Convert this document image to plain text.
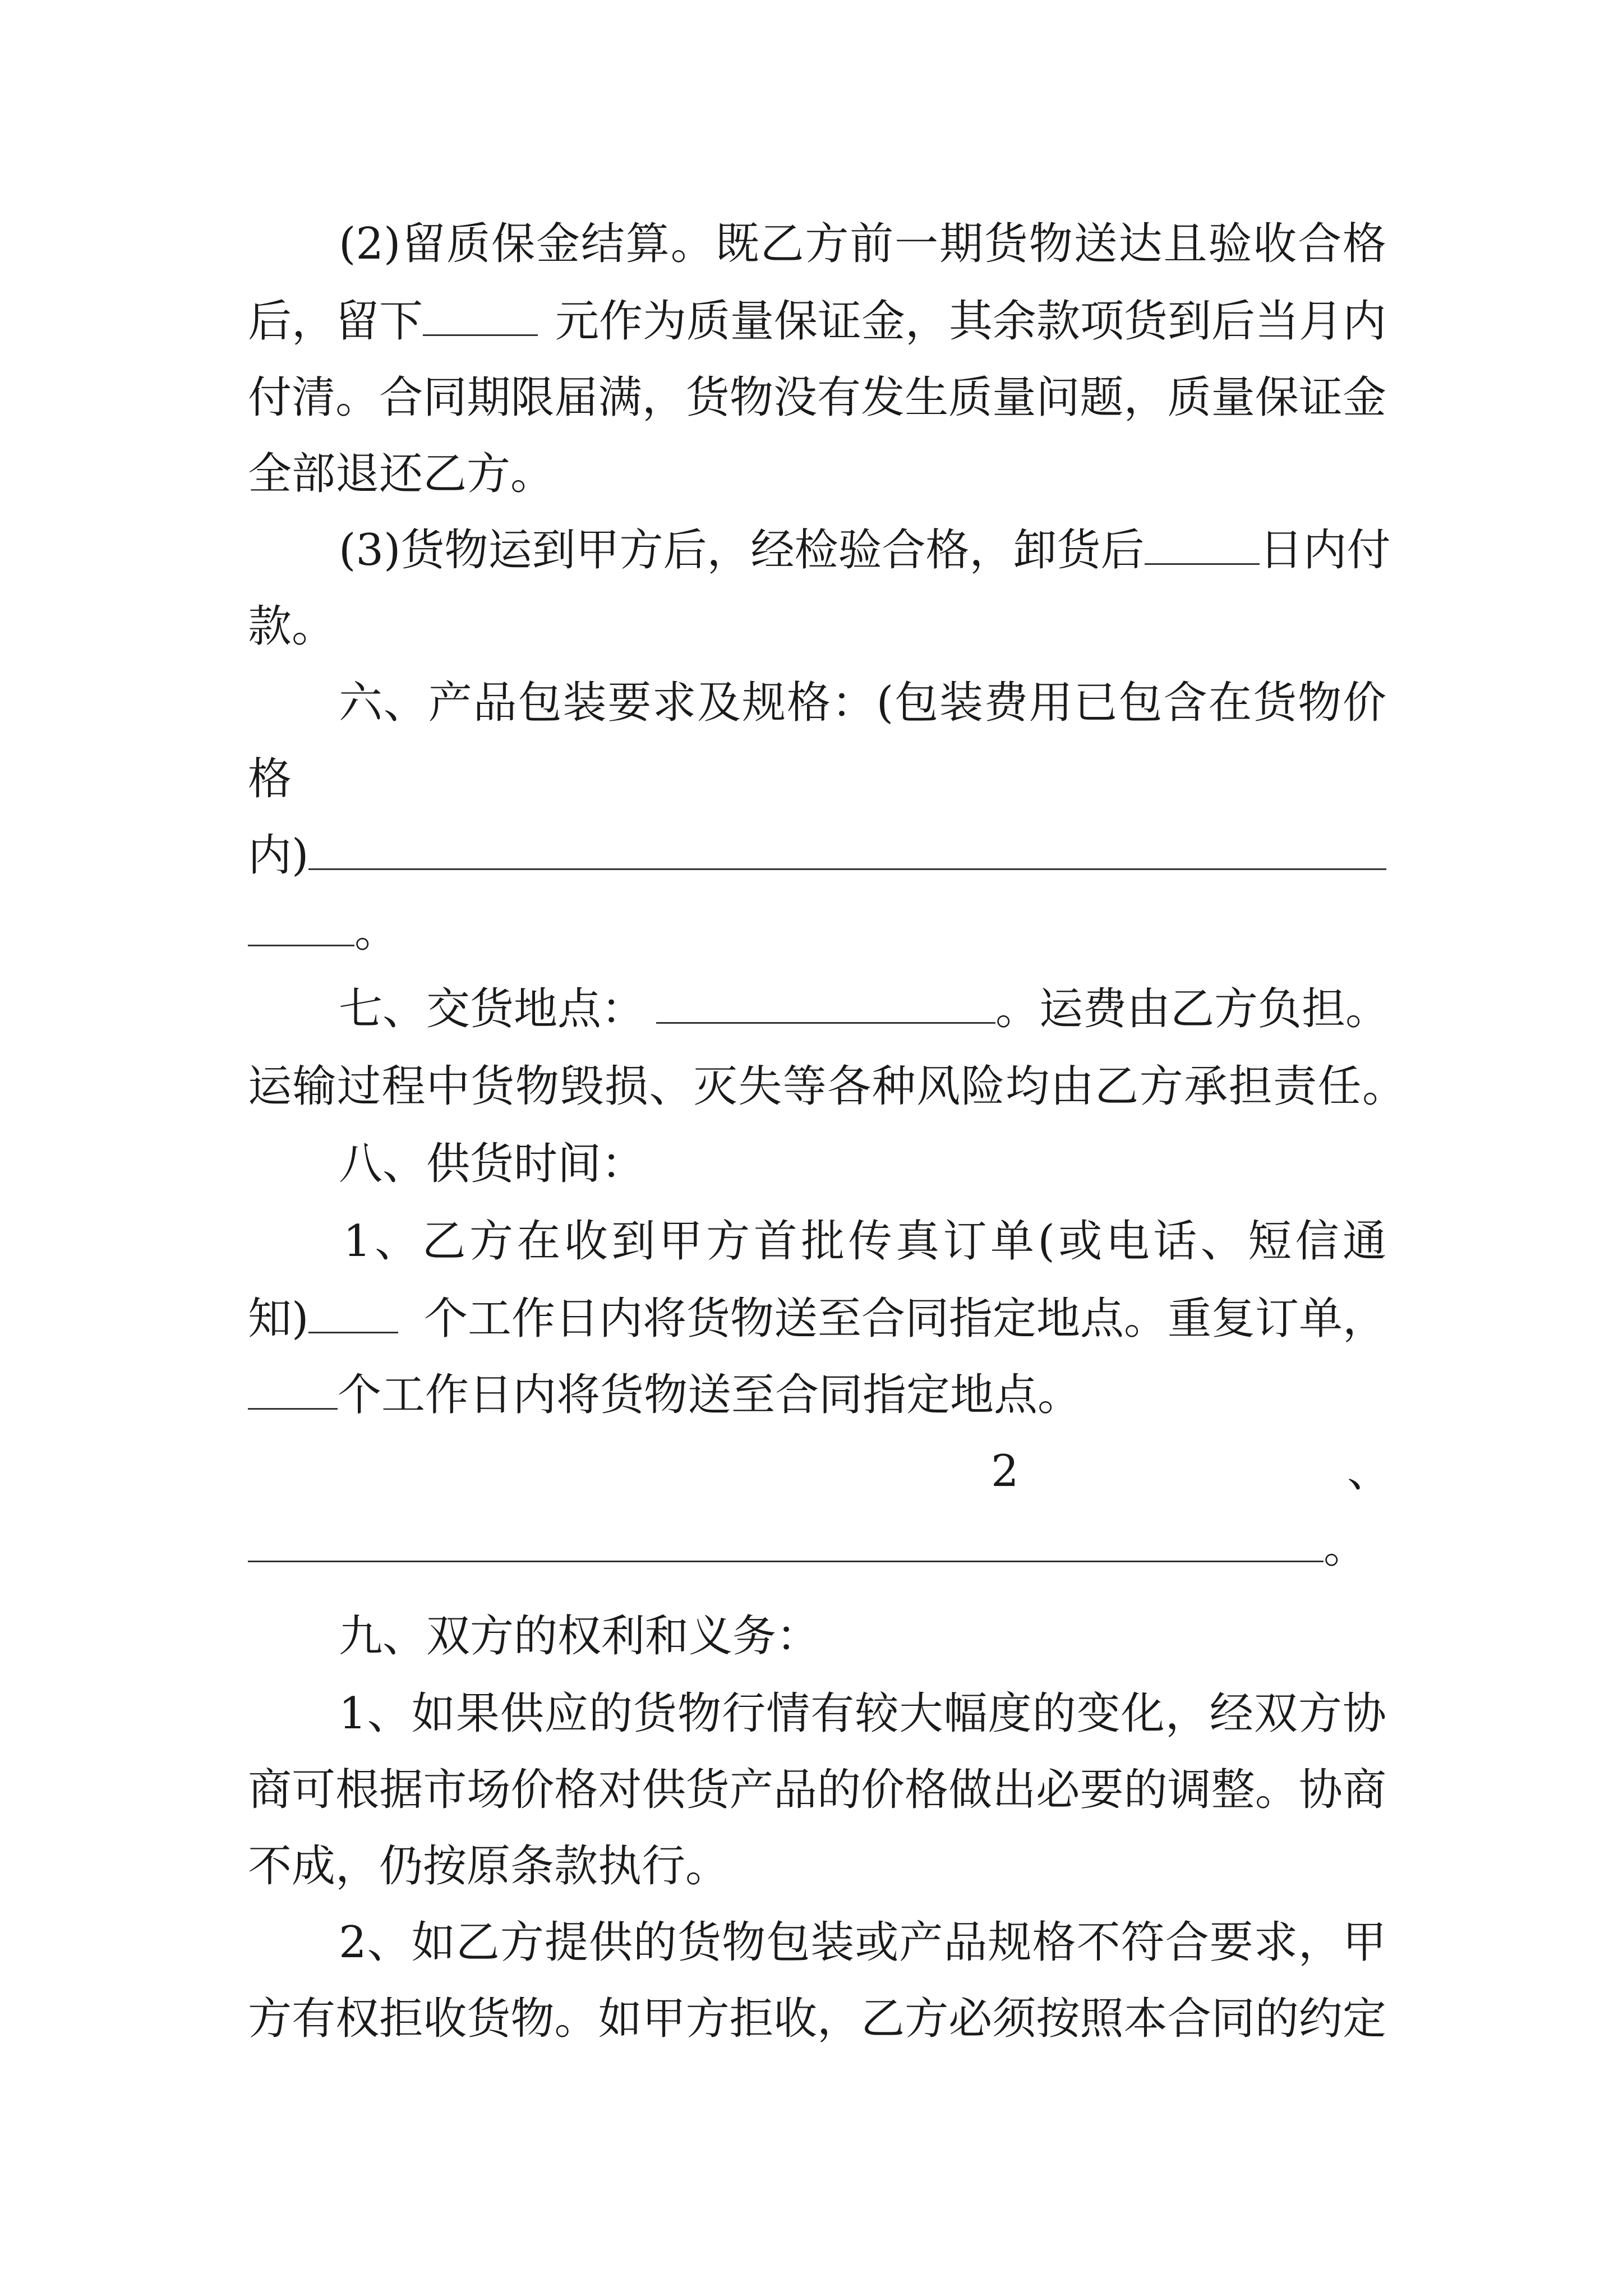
(2)留质保金结算。既乙方前一期货物送达且验收合格
后，留下	元作为质量保证金，其余款项货到后当月内
付清。合同期限届满，货物没有发生质量问题，质量保证金
全部退还乙方。
(3)货物运到甲方后，经检验合格，卸货后	日内付
款。
六、产品包装要求及规格：(包装费用已包含在货物价
格
内)
。
七、交货地点：	。运费由乙方负担。
运输过程中货物毁损、灭失等各种风险均由乙方承担责任。
八、供货时间：
1、乙方在收到甲方首批传真订单(或电话、短信通
知)	个工作日内将货物送至合同指定地点。重复订单，
个工作日内将货物送至合同指定地点。
2	、
。
九、双方的权利和义务：
1、如果供应的货物行情有较大幅度的变化，经双方协
商可根据市场价格对供货产品的价格做出必要的调整。协商
不成，仍按原条款执行。
2、如乙方提供的货物包装或产品规格不符合要求，甲
方有权拒收货物。如甲方拒收，乙方必须按照本合同的约定
